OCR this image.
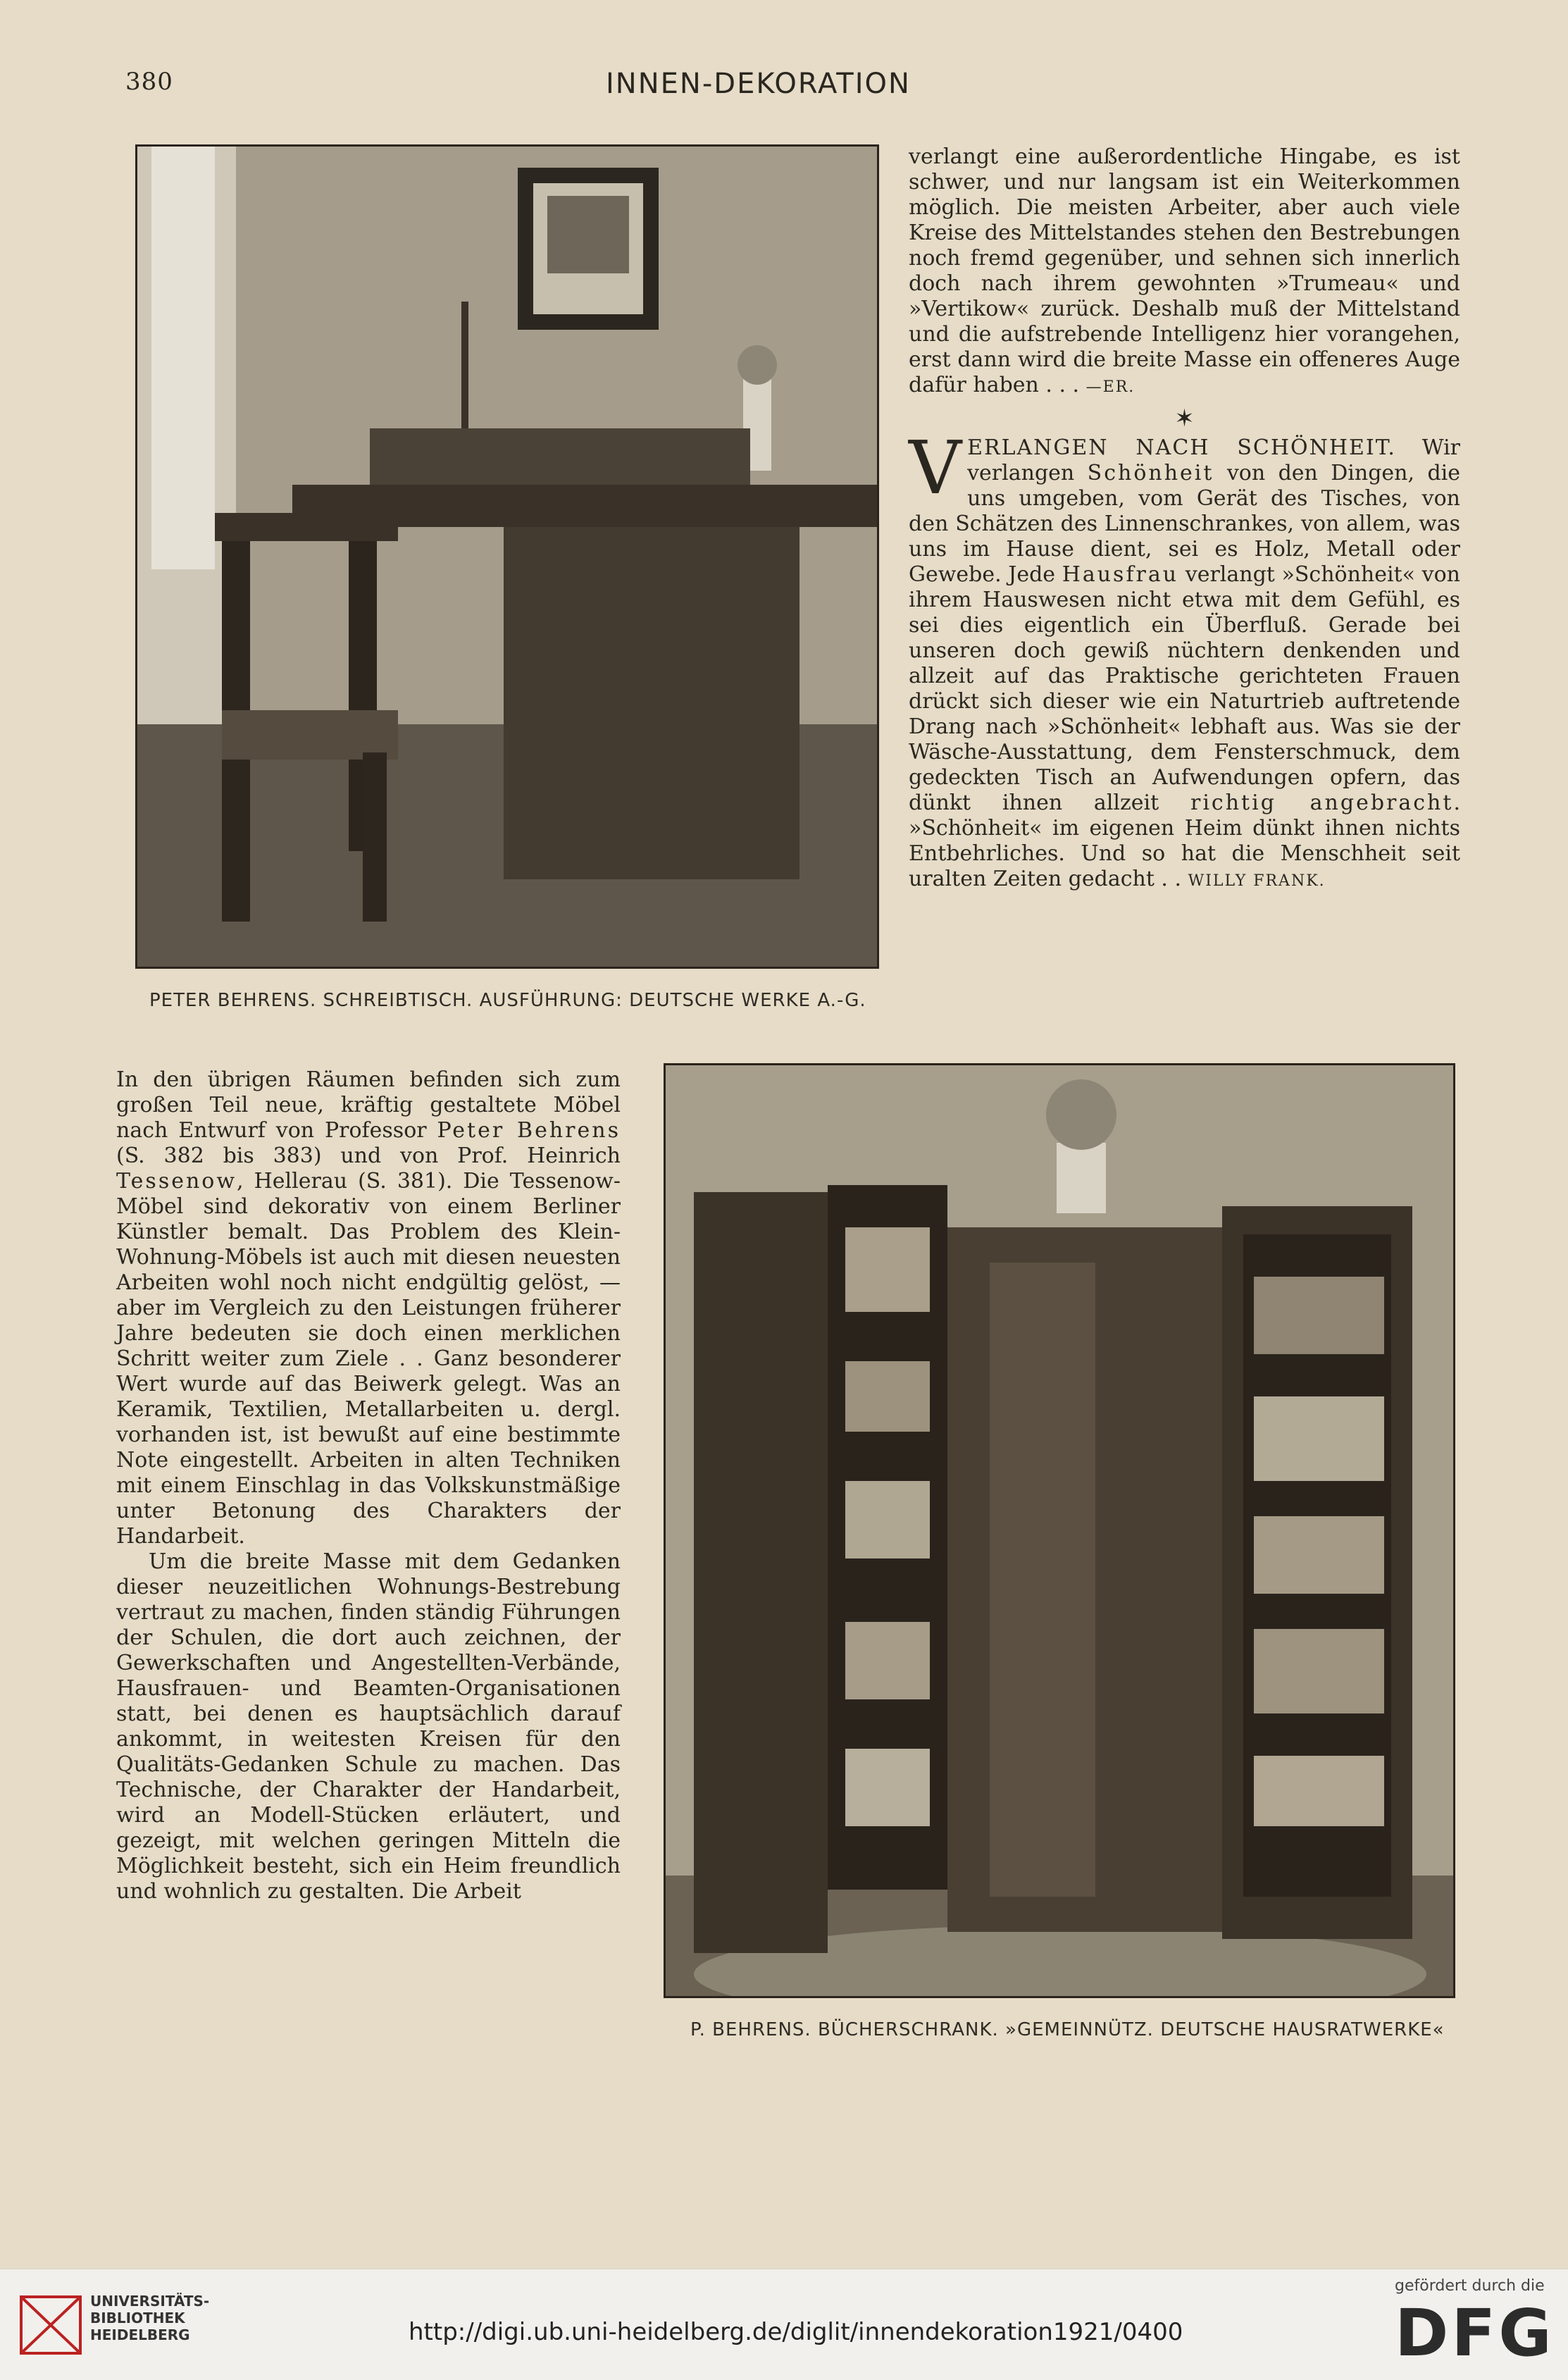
380	INNEN-DEKORATION
PETER BEHRENS. SCHREIBTISCH. AUSFÜHRUNG: DEUTSCHE WERKE A.-G.

verlangt eine außerordentliche Hingabe, es ist schwer, und nur langsam ist ein Weiterkommen möglich. Die meisten Arbeiter, aber auch viele Kreise des Mittelstandes stehen den Bestrebungen noch fremd gegenüber, und sehnen sich innerlich doch nach ihrem gewohnten »Trumeau« und »Vertikow« zurück. Deshalb muß der Mittelstand und die aufstrebende Intelligenz hier vorangehen, erst dann wird die breite Masse ein offeneres Auge dafür haben . . . —ER.

✶

VERLANGEN NACH SCHÖNHEIT. Wir verlangen Schönheit von den Dingen, die uns umgeben, vom Gerät des Tisches, von den Schätzen des Linnenschrankes, von allem, was uns im Hause dient, sei es Holz, Metall oder Gewebe. Jede Hausfrau verlangt »Schönheit« von ihrem Hauswesen nicht etwa mit dem Gefühl, es sei dies eigentlich ein Überfluß. Gerade bei unseren doch gewiß nüchtern denkenden und allzeit auf das Praktische gerichteten Frauen drückt sich dieser wie ein Naturtrieb auftretende Drang nach »Schönheit« lebhaft aus. Was sie der Wäsche-Ausstattung, dem Fensterschmuck, dem gedeckten Tisch an Aufwendungen opfern, das dünkt ihnen allzeit richtig angebracht. »Schönheit« im eigenen Heim dünkt ihnen nichts Entbehrliches. Und so hat die Menschheit seit uralten Zeiten gedacht . . WILLY FRANK.

In den übrigen Räumen befinden sich zum großen Teil neue, kräftig gestaltete Möbel nach Entwurf von Professor Peter Behrens (S. 382 bis 383) und von Prof. Heinrich Tessenow, Hellerau (S. 381). Die Tessenow-Möbel sind dekorativ von einem Berliner Künstler bemalt. Das Problem des Klein-Wohnung-Möbels ist auch mit diesen neuesten Arbeiten wohl noch nicht endgültig gelöst, — aber im Vergleich zu den Leistungen früherer Jahre bedeuten sie doch einen merklichen Schritt weiter zum Ziele . . Ganz besonderer Wert wurde auf das Beiwerk gelegt. Was an Keramik, Textilien, Metallarbeiten u. dergl. vorhanden ist, ist bewußt auf eine bestimmte Note eingestellt. Arbeiten in alten Techniken mit einem Einschlag in das Volkskunstmäßige unter Betonung des Charakters der Handarbeit.

Um die breite Masse mit dem Gedanken dieser neuzeitlichen Wohnungs-Bestrebung vertraut zu machen, finden ständig Führungen der Schulen, die dort auch zeichnen, der Gewerkschaften und Angestellten-Verbände, Hausfrauen- und Beamten-Organisationen statt, bei denen es hauptsächlich darauf ankommt, in weitesten Kreisen für den Qualitäts-Gedanken Schule zu machen. Das Technische, der Charakter der Handarbeit, wird an Modell-Stücken erläutert, und gezeigt, mit welchen geringen Mitteln die Möglichkeit besteht, sich ein Heim freundlich und wohnlich zu gestalten. Die Arbeit

P. BEHRENS. BÜCHERSCHRANK. »GEMEINNÜTZ. DEUTSCHE HAUSRATWERKE«
UNIVERSITÄTS-
BIBLIOTHEK
HEIDELBERG	http://digi.ub.uni-heidelberg.de/diglit/innendekoration1921/0400
gefördert durch die
DFG
